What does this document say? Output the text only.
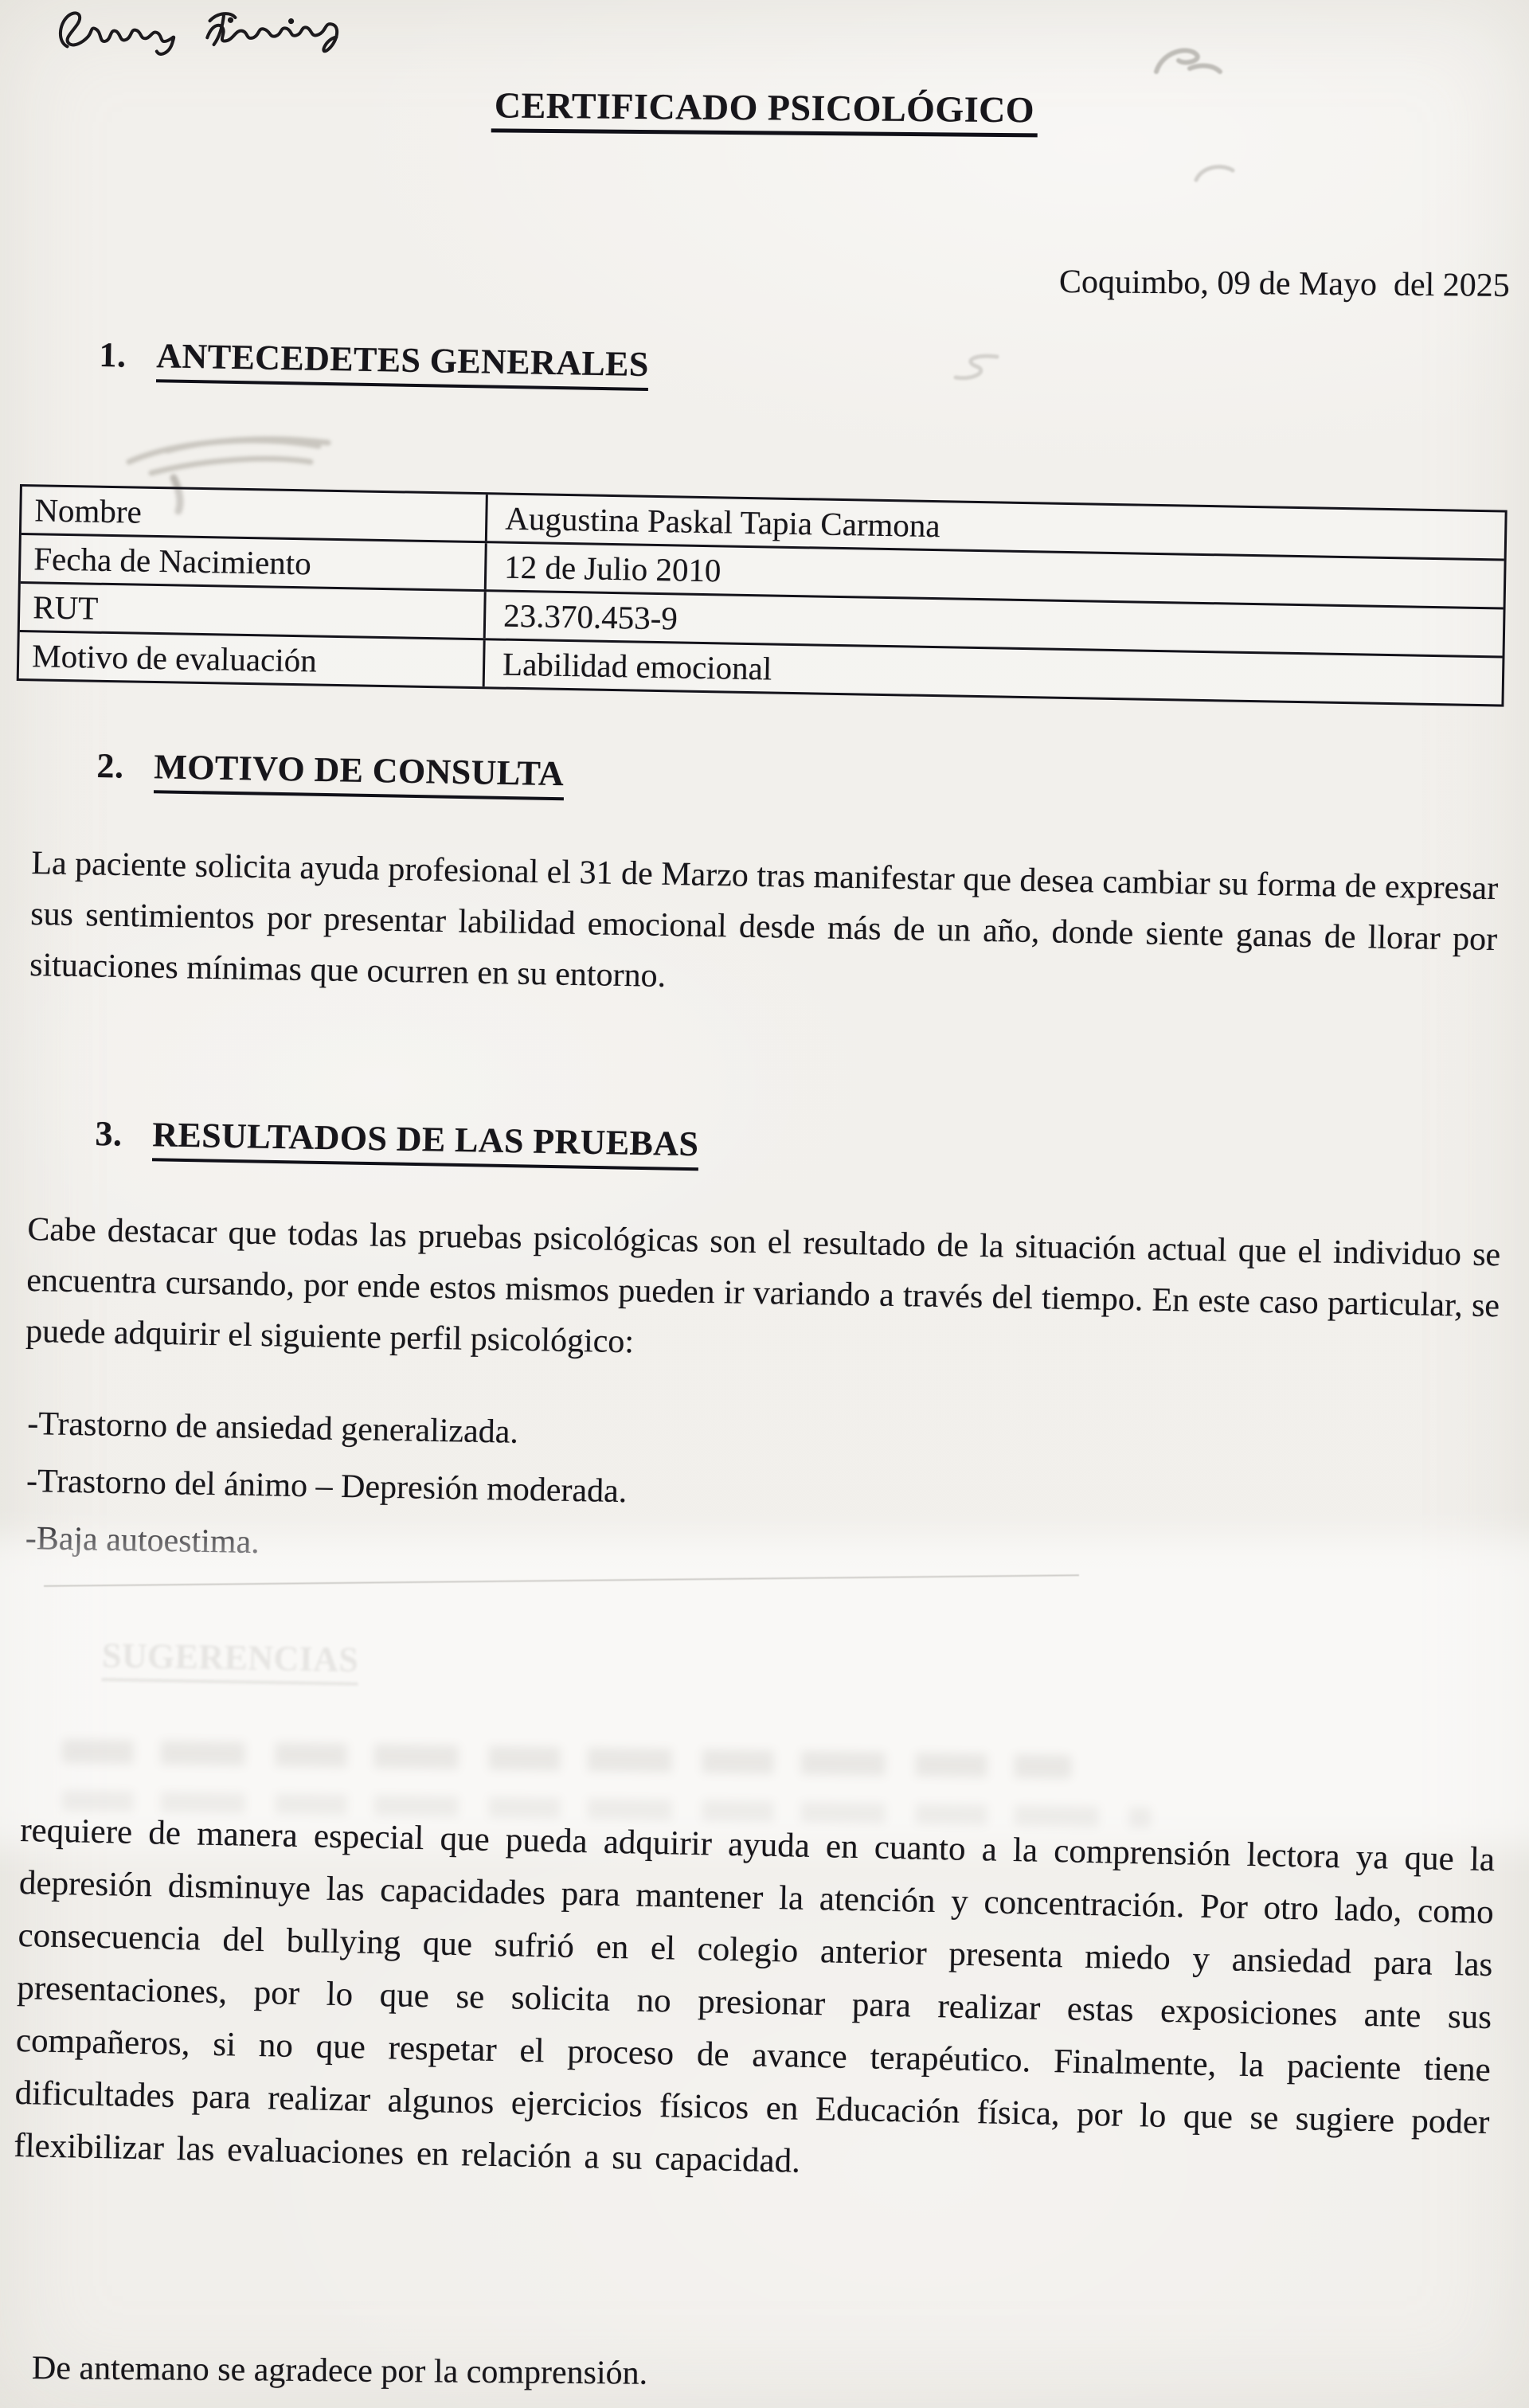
CERTIFICADO PSICOLÓGICO
Coquimbo, 09 de Mayo  del 2025
1. ANTECEDETES GENERALES
Nombre	Augustina Paskal Tapia Carmona
Fecha de Nacimiento	12 de Julio 2010
RUT	23.370.453-9
Motivo de evaluación	Labilidad emocional
2. MOTIVO DE CONSULTA
La paciente solicita ayuda profesional el 31 de Marzo tras manifestar que desea cambiar su forma de expresar sus sentimientos por presentar labilidad emocional desde más de un año, donde siente ganas de llorar por situaciones mínimas que ocurren en su entorno.
3. RESULTADOS DE LAS PRUEBAS
Cabe destacar que todas las pruebas psicológicas son el resultado de la situación actual que el individuo se encuentra cursando, por ende estos mismos pueden ir variando a través del tiempo. En este caso particular, se puede adquirir el siguiente perfil psicológico:
-Trastorno de ansiedad generalizada.
-Trastorno del ánimo – Depresión moderada.
SUGERENCIAS
requiere de manera especial que pueda adquirir ayuda en cuanto a la comprensión lectora ya que la depresión disminuye las capacidades para mantener la atención y concentración. Por otro lado, como consecuencia del bullying que sufrió en el colegio anterior presenta miedo y ansiedad para las presentaciones, por lo que se solicita no presionar para realizar estas exposiciones ante sus compañeros, si no que respetar el proceso de avance terapéutico. Finalmente, la paciente tiene dificultades para realizar algunos ejercicios físicos en Educación física, por lo que se sugiere poder flexibilizar las evaluaciones en relación a su capacidad.
De antemano se agradece por la comprensión.
